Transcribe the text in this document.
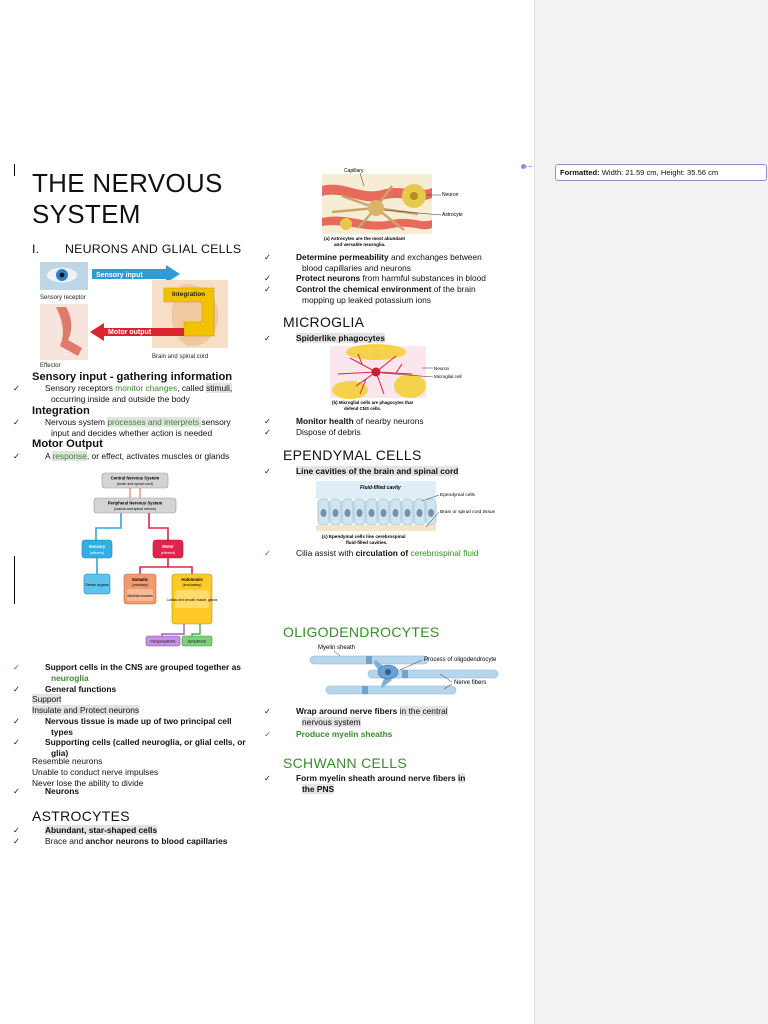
THE NERVOUS
SYSTEM
I. NEURONS AND GLIAL CELLS
Sensory input
Sensory receptor
Effector
Integration
Motor output
Brain and spinal cord
Sensory input - gathering information
✓	Sensory receptors monitor changes, called stimuli,
occurring inside and outside the body
Integration
✓	Nervous system processes and interprets sensory
input and decides whether action is needed
Motor Output
✓	A response, or effect, activates muscles or glands
Central Nervous System
(brain and spinal cord)
Peripheral Nervous System
(cranial and spinal nerves)
Sensory
(afferent)
Motor
(efferent)
Sense organs
Somatic
(voluntary)
Skeletal muscles
Autonomic
(involuntary)
Cardiac and smooth muscle, glands
Parasympathetic	Sympathetic
✓	Support cells in the CNS are grouped together as
neuroglia
✓	General functions
Support
Insulate and Protect neurons
✓	Nervous tissue is made up of two principal cell
types
✓	Supporting cells (called neuroglia, or glial cells, or
glia)
Resemble neurons
Unable to conduct nerve impulses
Never lose the ability to divide
✓	Neurons
ASTROCYTES
✓	Abundant, star-shaped cells
✓	Brace and anchor neurons to blood capillaries
Capillary
Neuron
Astrocyte
(a) Astrocytes are the most abundant
and versatile neuroglia.
✓	Determine permeability and exchanges between
blood capillaries and neurons
✓	Protect neurons from harmful substances in blood
✓	Control the chemical environment of the brain
mopping up leaked potassium ions
MICROGLIA
✓	Spiderlike phagocytes
Neuron
Microglial cell
(b) Microglial cells are phagocytes that
defend CNS cells.
✓	Monitor health of nearby neurons
✓	Dispose of debris
EPENDYMAL CELLS
✓	Line cavities of the brain and spinal cord
Fluid-filled cavity
Ependymal cells
Brain or spinal cord tissue
(c) Ependymal cells line cerebrospinal
fluid-filled cavities.
✓	Cilia assist with circulation of cerebrospinal fluid
OLIGODENDROCYTES
Myelin sheath
Process of oligodendrocyte
Nerve fibers
✓	Wrap around nerve fibers in the central
nervous system
✓	Produce myelin sheaths
SCHWANN CELLS
✓	Form myelin sheath around nerve fibers in
the PNS
Formatted: Width: 21.59 cm, Height: 35.56 cm
